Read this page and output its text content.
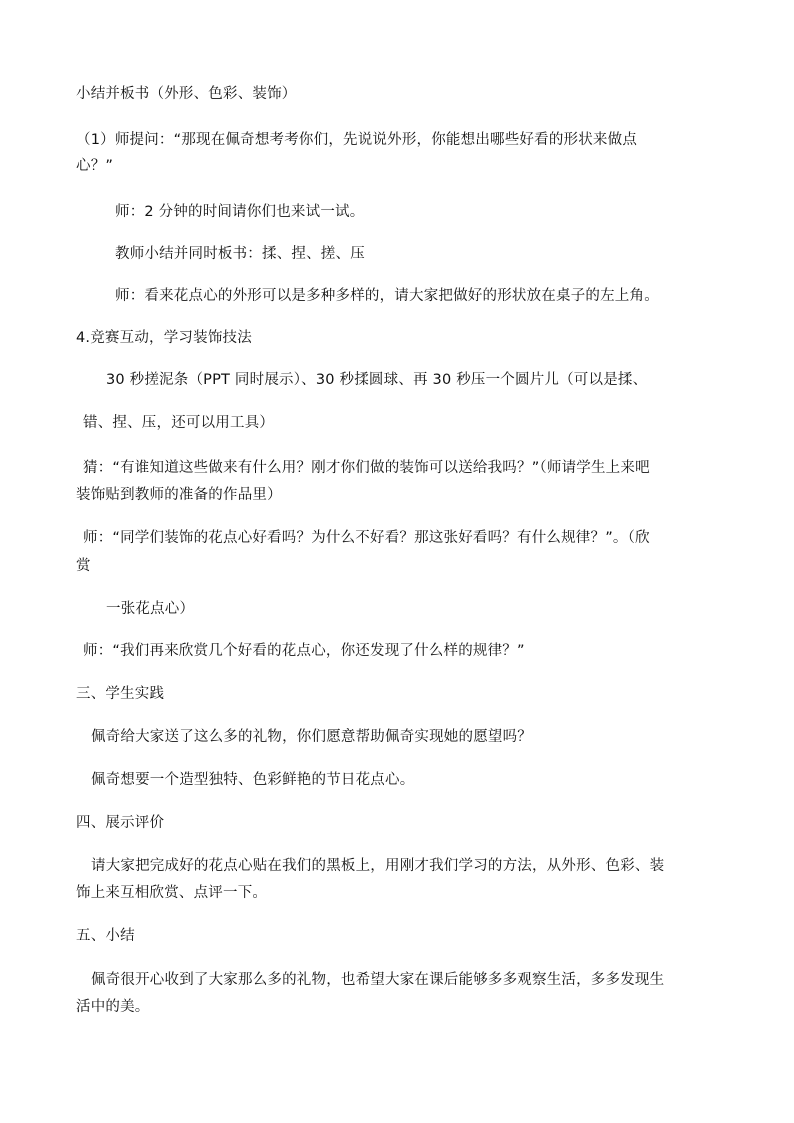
小结并板书（外形、色彩、装饰）
（1）师提问：“那现在佩奇想考考你们，先说说外形，你能想出哪些好看的形状来做点
心？”
师：2 分钟的时间请你们也来试一试。
教师小结并同时板书：揉、捏、搓、压
师：看来花点心的外形可以是多种多样的，请大家把做好的形状放在桌子的左上角。
4.竞赛互动，学习装饰技法
30 秒搓泥条（PPT 同时展示）、30 秒揉圆球、再 30 秒压一个圆片儿（可以是揉、
错、捏、压，还可以用工具）
猜：“有谁知道这些做来有什么用？刚才你们做的装饰可以送给我吗？”（师请学生上来吧
装饰贴到教师的准备的作品里）
师：“同学们装饰的花点心好看吗？为什么不好看？那这张好看吗？有什么规律？”。（欣
赏
一张花点心）
师：“我们再来欣赏几个好看的花点心，你还发现了什么样的规律？”
三、学生实践
佩奇给大家送了这么多的礼物，你们愿意帮助佩奇实现她的愿望吗？
佩奇想要一个造型独特、色彩鲜艳的节日花点心。
四、展示评价
请大家把完成好的花点心贴在我们的黑板上，用刚才我们学习的方法，从外形、色彩、装
饰上来互相欣赏、点评一下。
五、小结
佩奇很开心收到了大家那么多的礼物，也希望大家在课后能够多多观察生活，多多发现生
活中的美。
